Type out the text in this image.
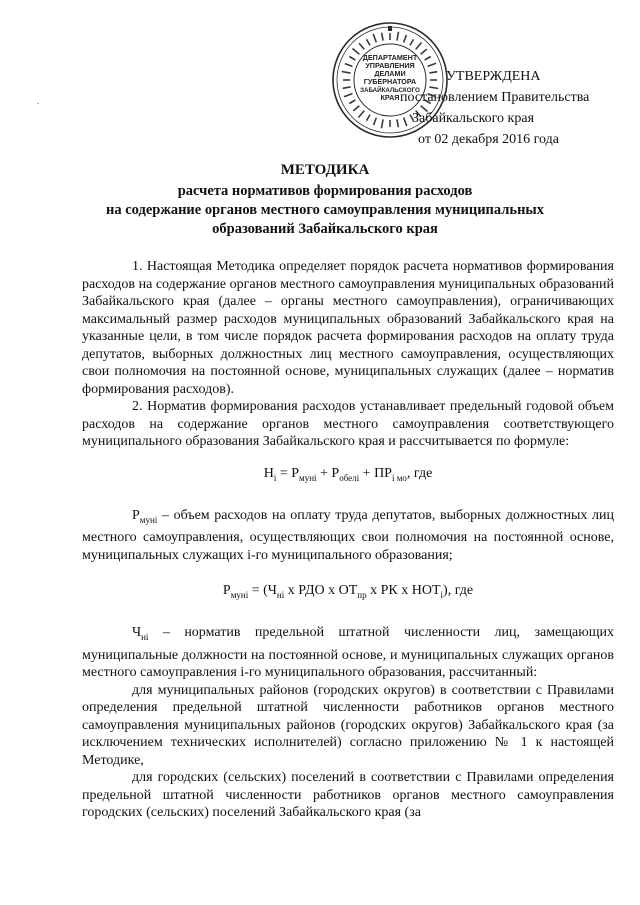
.
ДЕПАРТАМЕНТ
УПРАВЛЕНИЯ
ДЕЛАМИ
ГУБЕРНАТОРА
ЗАБАЙКАЛЬСКОГО
КРАЯ
УТВЕРЖДЕНА
постановлением Правительства
Забайкальского края
от 02 декабря 2016 года
МЕТОДИКА
расчета нормативов формирования расходов
на содержание органов местного самоуправления муниципальных
образований Забайкальского края

1. Настоящая Методика определяет порядок расчета нормативов формирования расходов на содержание органов местного самоуправления муниципальных образований Забайкальского края (далее – органы местного самоуправления), ограничивающих максимальный размер расходов муниципальных образований Забайкальского края на указанные цели, в том числе порядок расчета формирования расходов на оплату труда депутатов, выборных должностных лиц местного самоуправления, осуществляющих свои полномочия на постоянной основе, муниципальных служащих (далее – норматив формирования расходов).

2. Норматив формирования расходов устанавливает предельный годовой объем расходов на содержание органов местного самоуправления соответствующего муниципального образования Забайкальского края и рассчитывается по формуле:

$Н_i = Р_{мунi} + Р_{обелi} + ПР_{i мо}$, где

$Р_{мунi}$ – объем расходов на оплату труда депутатов, выборных должностных лиц местного самоуправления, осуществляющих свои полномочия на постоянной основе, муниципальных служащих i-го муниципального образования;

$Р_{мунi} = (Ч_{нi}$ х РДО х $ОТ_{пр}$ х РК х $НОТ_i$), где

$Ч_{нi}$ – норматив предельной штатной численности лиц, замещающих муниципальные должности на постоянной основе, и муниципальных служащих органов местного самоуправления i-го муниципального образования, рассчитанный:

для муниципальных районов (городских округов) в соответствии с Правилами определения предельной штатной численности работников органов местного самоуправления муниципальных районов (городских округов) Забайкальского края (за исключением технических исполнителей) согласно приложению № 1 к настоящей Методике,

для городских (сельских) поселений в соответствии с Правилами определения предельной штатной численности работников органов местного самоуправления городских (сельских) поселений Забайкальского края (за
